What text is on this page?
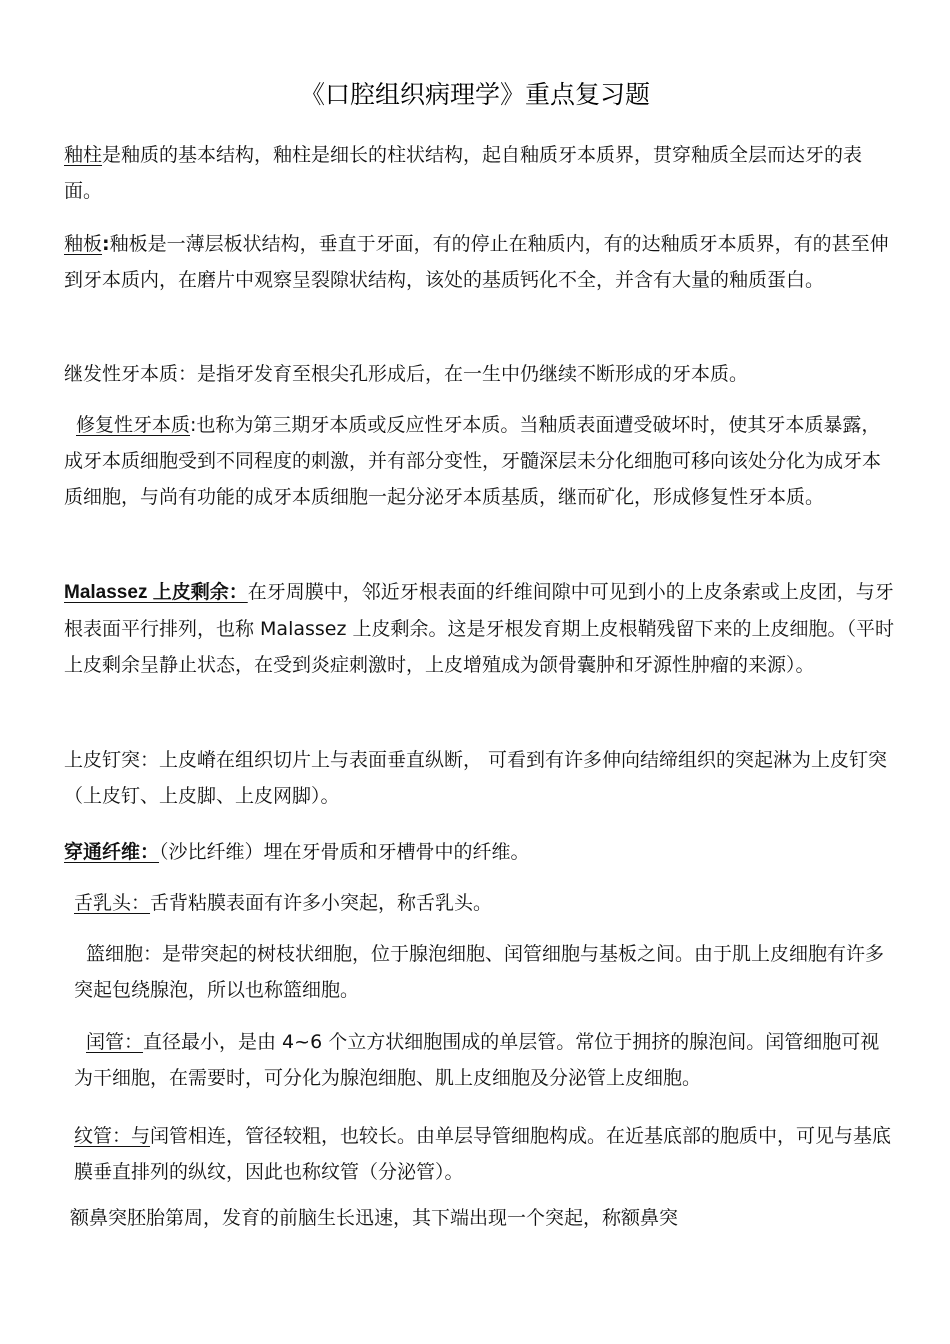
《口腔组织病理学》重点复习题

釉柱是釉质的基本结构，釉柱是细长的柱状结构，起自釉质牙本质界，贯穿釉质全层而达牙的表面。

釉板:釉板是一薄层板状结构，垂直于牙面，有的停止在釉质内，有的达釉质牙本质界，有的甚至伸到牙本质内，在磨片中观察呈裂隙状结构，该处的基质钙化不全，并含有大量的釉质蛋白。

继发性牙本质：是指牙发育至根尖孔形成后，在一生中仍继续不断形成的牙本质。

修复性牙本质:也称为第三期牙本质或反应性牙本质。当釉质表面遭受破坏时，使其牙本质暴露，成牙本质细胞受到不同程度的刺激，并有部分变性，牙髓深层未分化细胞可移向该处分化为成牙本质细胞，与尚有功能的成牙本质细胞一起分泌牙本质基质，继而矿化，形成修复性牙本质。

Malassez 上皮剩余：在牙周膜中，邻近牙根表面的纤维间隙中可见到小的上皮条索或上皮团，与牙根表面平行排列，也称 Malassez 上皮剩余。这是牙根发育期上皮根鞘残留下来的上皮细胞。（平时上皮剩余呈静止状态，在受到炎症刺激时，上皮增殖成为颌骨囊肿和牙源性肿瘤的来源）。

上皮钉突：上皮嵴在组织切片上与表面垂直纵断， 可看到有许多伸向结缔组织的突起淋为上皮钉突（上皮钉、上皮脚、上皮网脚）。

穿通纤维：（沙比纤维）埋在牙骨质和牙槽骨中的纤维。

舌乳头：舌背粘膜表面有许多小突起，称舌乳头。

篮细胞：是带突起的树枝状细胞，位于腺泡细胞、闰管细胞与基板之间。由于肌上皮细胞有许多突起包绕腺泡，所以也称篮细胞。

闰管：直径最小，是由 4~6 个立方状细胞围成的单层管。常位于拥挤的腺泡间。闰管细胞可视为干细胞，在需要时，可分化为腺泡细胞、肌上皮细胞及分泌管上皮细胞。

纹管：与闰管相连，管径较粗，也较长。由单层导管细胞构成。在近基底部的胞质中，可见与基底膜垂直排列的纵纹，因此也称纹管（分泌管）。

额鼻突胚胎第周，发育的前脑生长迅速，其下端出现一个突起，称额鼻突
